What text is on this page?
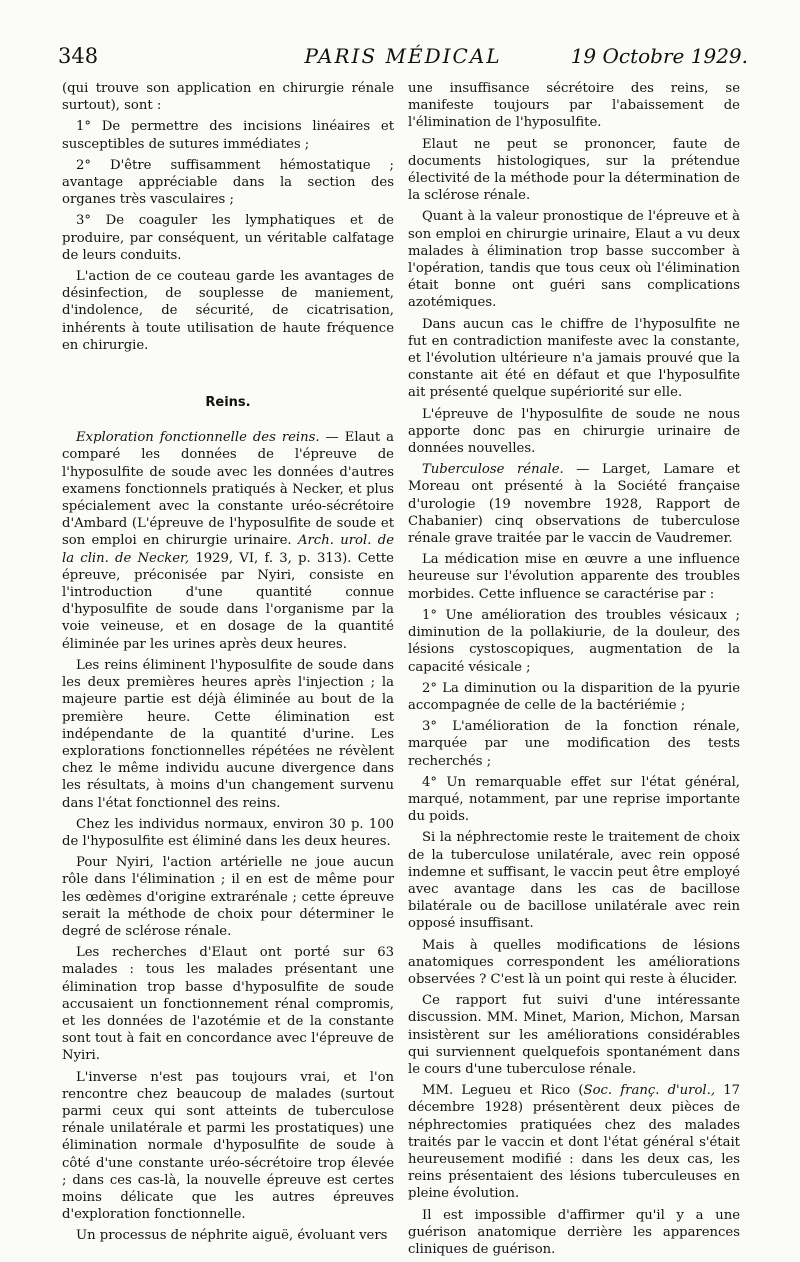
348	PARIS MÉDICAL	19 Octobre 1929.

(qui trouve son application en chirurgie rénale surtout), sont :

1° De permettre des incisions linéaires et susceptibles de sutures immédiates ;

2° D'être suffisamment hémostatique ; avantage appréciable dans la section des organes très vasculaires ;

3° De coaguler les lymphatiques et de produire, par conséquent, un véritable calfatage de leurs conduits.

L'action de ce couteau garde les avantages de désinfection, de souplesse de maniement, d'indolence, de sécurité, de cicatrisation, inhérents à toute utilisation de haute fréquence en chirurgie.

Reins.

Exploration fonctionnelle des reins. — Elaut a comparé les données de l'épreuve de l'hyposulfite de soude avec les données d'autres examens fonctionnels pratiqués à Necker, et plus spécialement avec la constante uréo-sécrétoire d'Ambard (L'épreuve de l'hyposulfite de soude et son emploi en chirurgie urinaire. Arch. urol. de la clin. de Necker, 1929, VI, f. 3, p. 313). Cette épreuve, préconisée par Nyiri, consiste en l'introduction d'une quantité connue d'hyposulfite de soude dans l'organisme par la voie veineuse, et en dosage de la quantité éliminée par les urines après deux heures.

Les reins éliminent l'hyposulfite de soude dans les deux premières heures après l'injection ; la majeure partie est déjà éliminée au bout de la première heure. Cette élimination est indépendante de la quantité d'urine. Les explorations fonctionnelles répétées ne révèlent chez le même individu aucune divergence dans les résultats, à moins d'un changement survenu dans l'état fonctionnel des reins.

Chez les individus normaux, environ 30 p. 100 de l'hyposulfite est éliminé dans les deux heures.

Pour Nyiri, l'action artérielle ne joue aucun rôle dans l'élimination ; il en est de même pour les œdèmes d'origine extrarénale ; cette épreuve serait la méthode de choix pour déterminer le degré de sclérose rénale.

Les recherches d'Elaut ont porté sur 63 malades : tous les malades présentant une élimination trop basse d'hyposulfite de soude accusaient un fonctionnement rénal compromis, et les données de l'azotémie et de la constante sont tout à fait en concordance avec l'épreuve de Nyiri.

L'inverse n'est pas toujours vrai, et l'on rencontre chez beaucoup de malades (surtout parmi ceux qui sont atteints de tuberculose rénale unilatérale et parmi les prostatiques) une élimination normale d'hyposulfite de soude à côté d'une constante uréo-sécrétoire trop élevée ; dans ces cas-là, la nouvelle épreuve est certes moins délicate que les autres épreuves d'exploration fonctionnelle.

Un processus de néphrite aiguë, évoluant vers

une insuffisance sécrétoire des reins, se manifeste toujours par l'abaissement de l'élimination de l'hyposulfite.

Elaut ne peut se prononcer, faute de documents histologiques, sur la prétendue électivité de la méthode pour la détermination de la sclérose rénale.

Quant à la valeur pronostique de l'épreuve et à son emploi en chirurgie urinaire, Elaut a vu deux malades à élimination trop basse succomber à l'opération, tandis que tous ceux où l'élimination était bonne ont guéri sans complications azotémiques.

Dans aucun cas le chiffre de l'hyposulfite ne fut en contradiction manifeste avec la constante, et l'évolution ultérieure n'a jamais prouvé que la constante ait été en défaut et que l'hyposulfite ait présenté quelque supériorité sur elle.

L'épreuve de l'hyposulfite de soude ne nous apporte donc pas en chirurgie urinaire de données nouvelles.

Tuberculose rénale. — Larget, Lamare et Moreau ont présenté à la Société française d'urologie (19 novembre 1928, Rapport de Chabanier) cinq observations de tuberculose rénale grave traitée par le vaccin de Vaudremer.

La médication mise en œuvre a une influence heureuse sur l'évolution apparente des troubles morbides. Cette influence se caractérise par :

1° Une amélioration des troubles vésicaux ; diminution de la pollakiurie, de la douleur, des lésions cystoscopiques, augmentation de la capacité vésicale ;

2° La diminution ou la disparition de la pyurie accompagnée de celle de la bactériémie ;

3° L'amélioration de la fonction rénale, marquée par une modification des tests recherchés ;

4° Un remarquable effet sur l'état général, marqué, notamment, par une reprise importante du poids.

Si la néphrectomie reste le traitement de choix de la tuberculose unilatérale, avec rein opposé indemne et suffisant, le vaccin peut être employé avec avantage dans les cas de bacillose bilatérale ou de bacillose unilatérale avec rein opposé insuffisant.

Mais à quelles modifications de lésions anatomiques correspondent les améliorations observées ? C'est là un point qui reste à élucider.

Ce rapport fut suivi d'une intéressante discussion. MM. Minet, Marion, Michon, Marsan insistèrent sur les améliorations considérables qui surviennent quelquefois spontanément dans le cours d'une tuberculose rénale.

MM. Legueu et Rico (Soc. franç. d'urol., 17 décembre 1928) présentèrent deux pièces de néphrectomies pratiquées chez des malades traités par le vaccin et dont l'état général s'était heureusement modifié : dans les deux cas, les reins présentaient des lésions tuberculeuses en pleine évolution.

Il est impossible d'affirmer qu'il y a une guérison anatomique derrière les apparences cliniques de guérison.
